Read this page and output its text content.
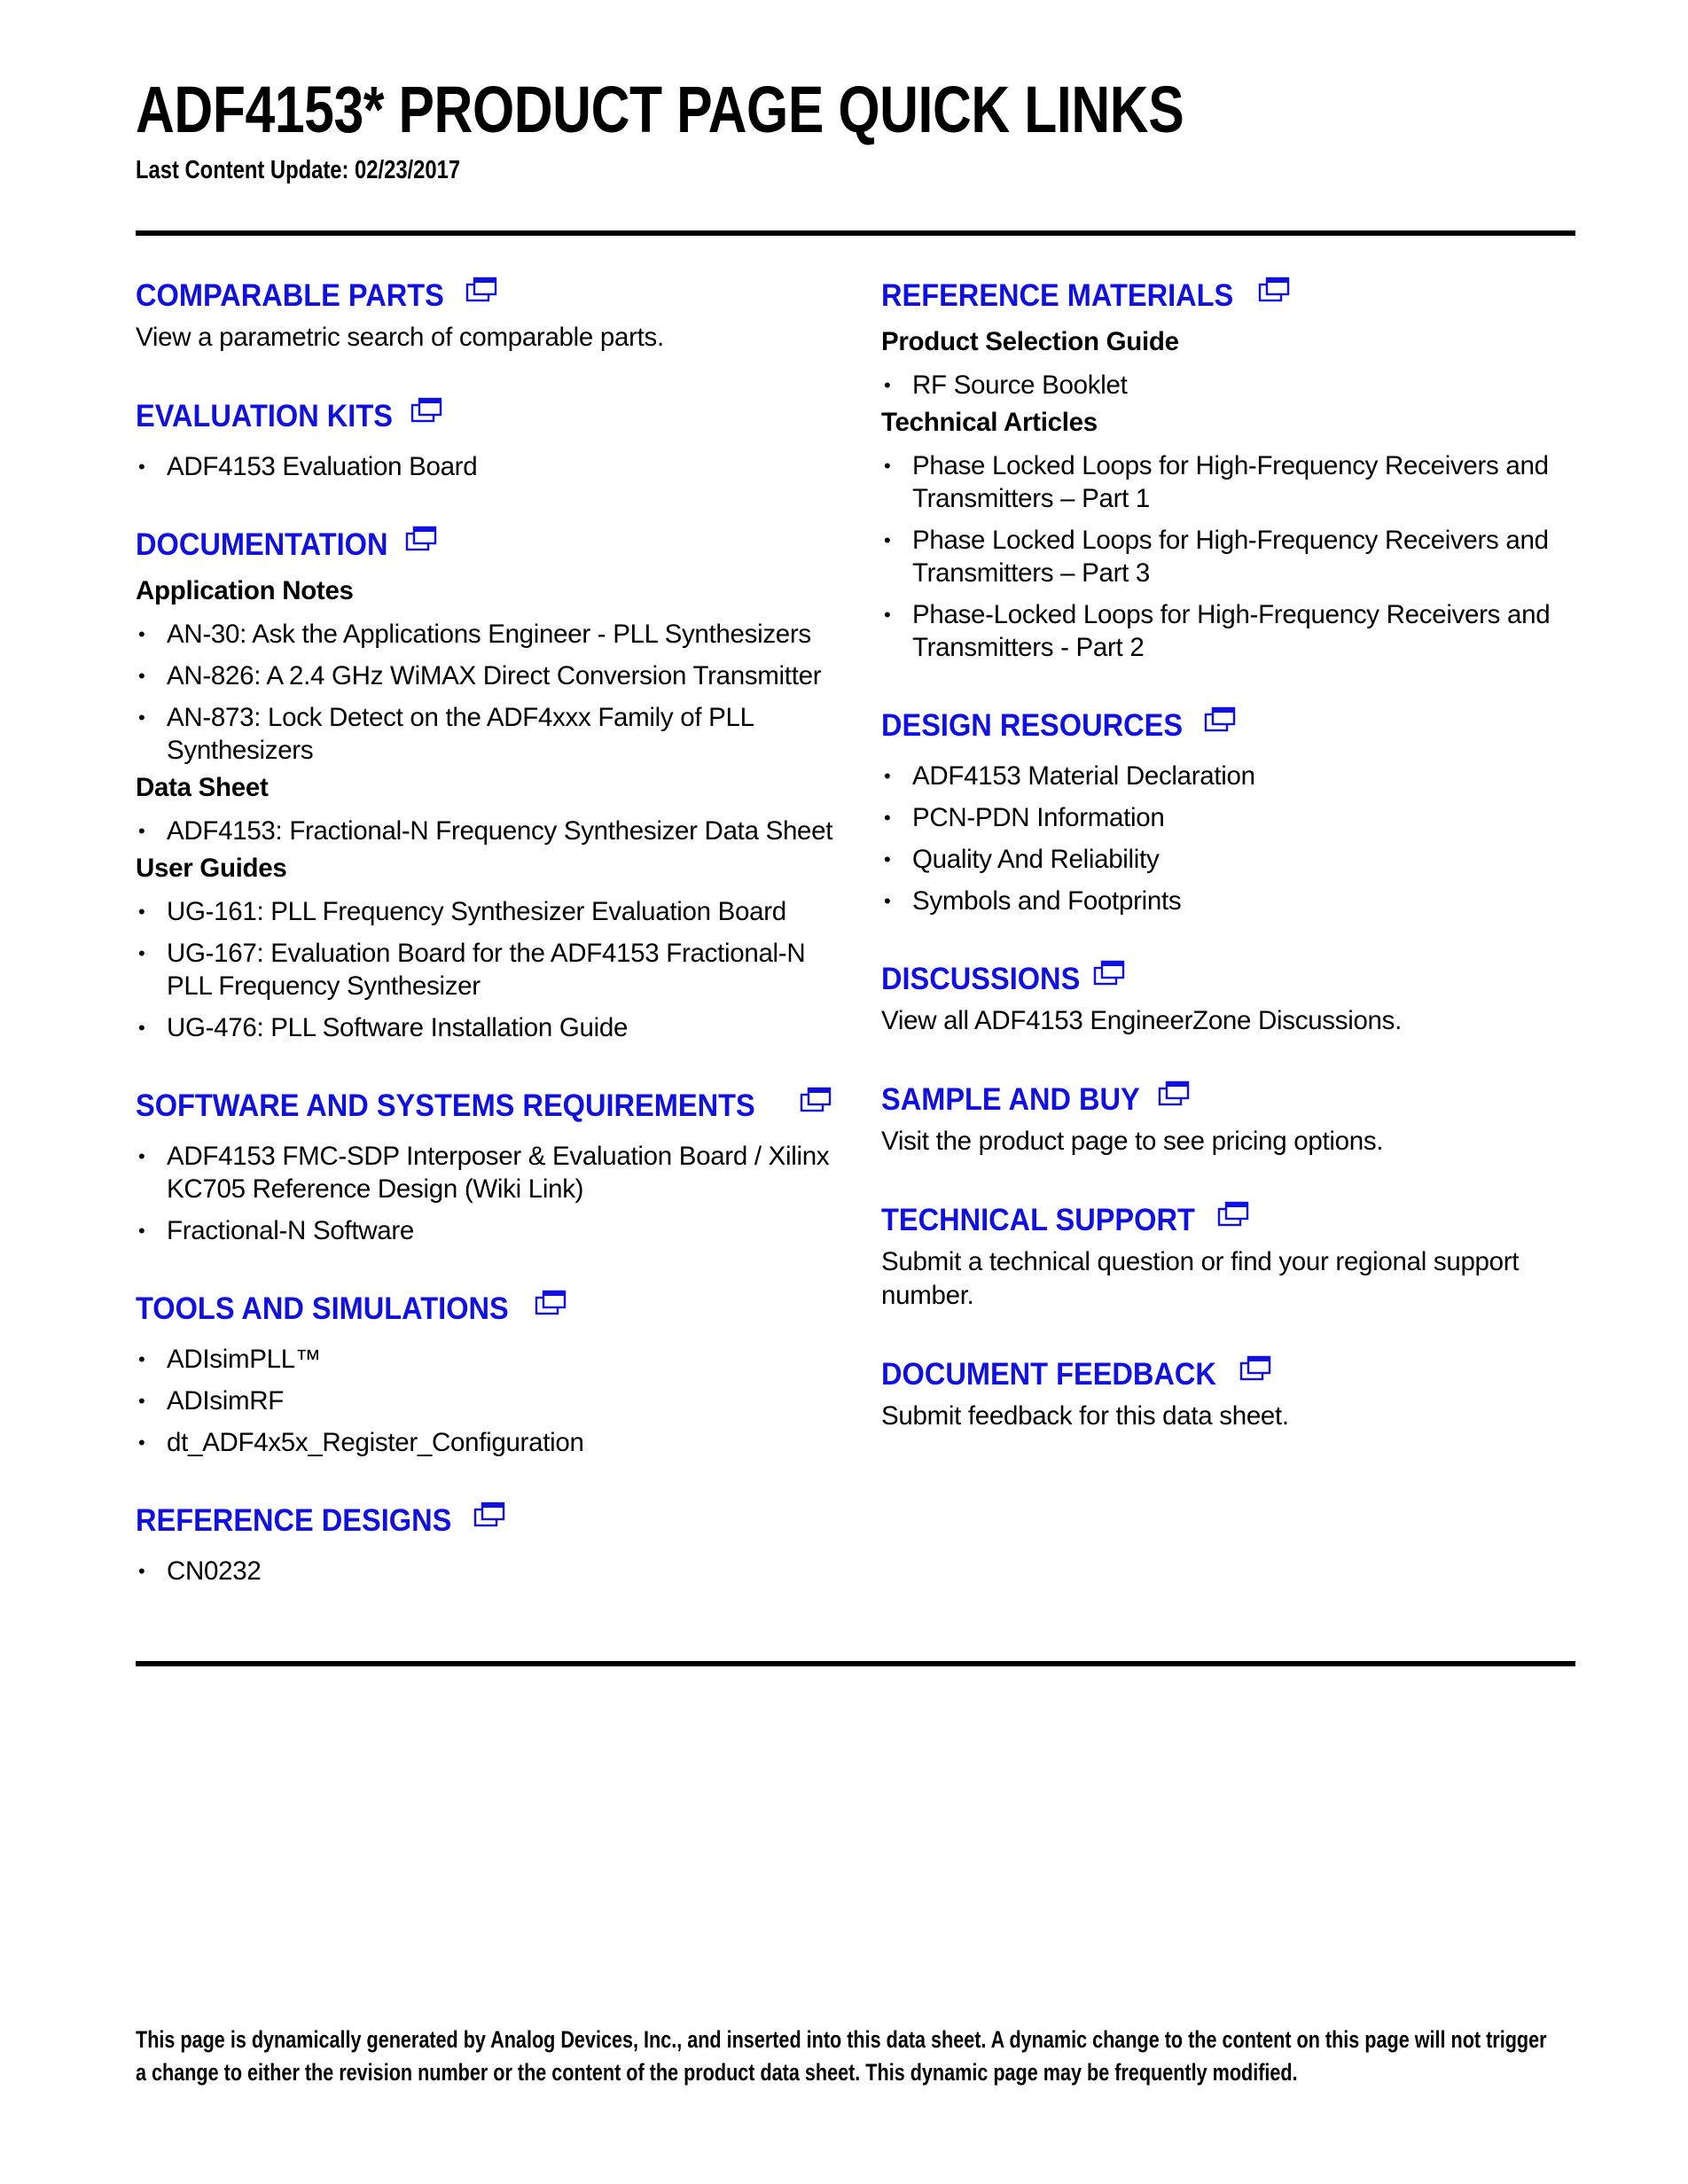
ADF4153* PRODUCT PAGE QUICK LINKS

Last Content Update: 02/23/2017

COMPARABLE PARTS

View a parametric search of comparable parts.

EVALUATION KITS
• ADF4153 Evaluation Board
DOCUMENTATION
Application Notes
• AN-30: Ask the Applications Engineer - PLL Synthesizers
• AN-826: A 2.4 GHz WiMAX Direct Conversion Transmitter
• AN-873: Lock Detect on the ADF4xxx Family of PLL Synthesizers
Data Sheet
• ADF4153: Fractional-N Frequency Synthesizer Data Sheet
User Guides
• UG-161: PLL Frequency Synthesizer Evaluation Board
• UG-167: Evaluation Board for the ADF4153 Fractional-N PLL Frequency Synthesizer
• UG-476: PLL Software Installation Guide
SOFTWARE AND SYSTEMS REQUIREMENTS
• ADF4153 FMC-SDP Interposer & Evaluation Board / Xilinx KC705 Reference Design (Wiki Link)
• Fractional-N Software
TOOLS AND SIMULATIONS
• ADIsimPLL™
• ADIsimRF
• dt_ADF4x5x_Register_Configuration
REFERENCE DESIGNS
• CN0232
REFERENCE MATERIALS
Product Selection Guide
• RF Source Booklet
Technical Articles
• Phase Locked Loops for High-Frequency Receivers and Transmitters – Part 1
• Phase Locked Loops for High-Frequency Receivers and Transmitters – Part 3
• Phase-Locked Loops for High-Frequency Receivers and Transmitters - Part 2
DESIGN RESOURCES
• ADF4153 Material Declaration
• PCN-PDN Information
• Quality And Reliability
• Symbols and Footprints
DISCUSSIONS

View all ADF4153 EngineerZone Discussions.

SAMPLE AND BUY

Visit the product page to see pricing options.

TECHNICAL SUPPORT

Submit a technical question or find your regional support number.

DOCUMENT FEEDBACK

Submit feedback for this data sheet.

This page is dynamically generated by Analog Devices, Inc., and inserted into this data sheet. A dynamic change to the content on this page will not trigger a change to either the revision number or the content of the product data sheet. This dynamic page may be frequently modified.
